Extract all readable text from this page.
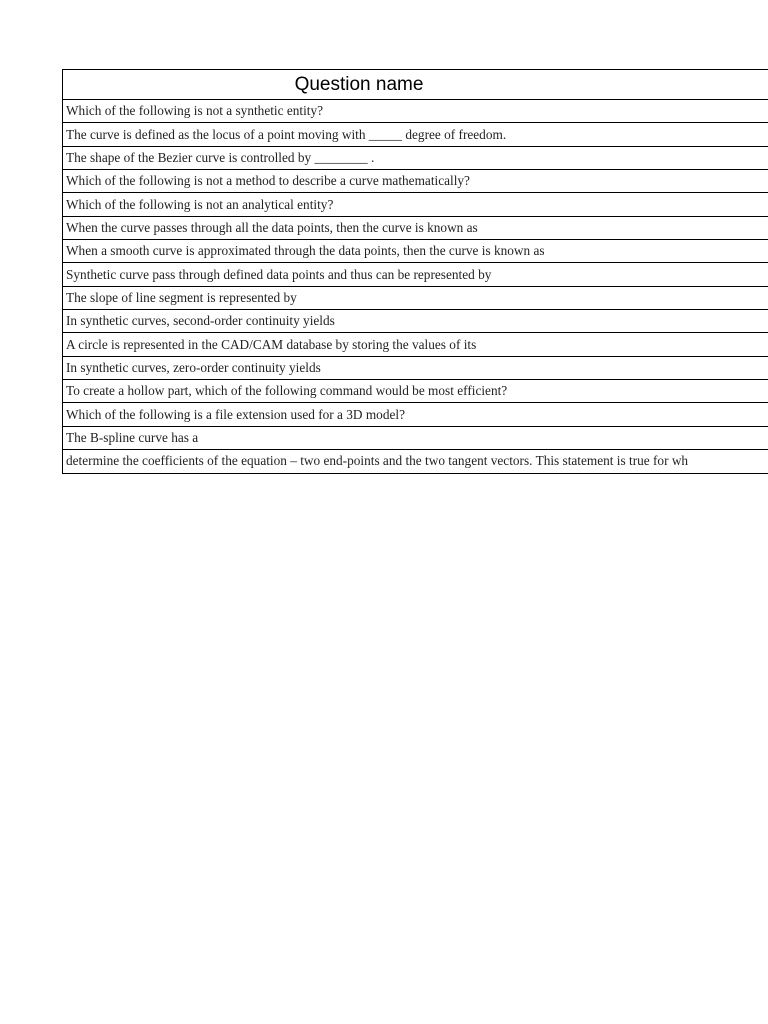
Question name
Which of the following is not a synthetic entity?
The curve is defined as the locus of a point moving with _____ degree of freedom.
The shape of the Bezier curve is controlled by ________ .
Which of the following is not a method to describe a curve mathematically?
Which of the following is not an analytical entity?
When the curve passes through all the data points, then the curve is known as
When a smooth curve is approximated through the data points, then the curve is known as
Synthetic curve pass through defined data points and thus can be represented by
The slope of line segment is represented by
In synthetic curves, second-order continuity yields
A circle is represented in the CAD/CAM database by storing the values of its
In synthetic curves, zero-order continuity yields
To create a hollow part, which of the following command would be most efficient?
Which of the following is a file extension used for a 3D model?
The B-spline curve has a
determine the coefficients of the equation – two end-points and the two tangent vectors. This statement is true for wh
